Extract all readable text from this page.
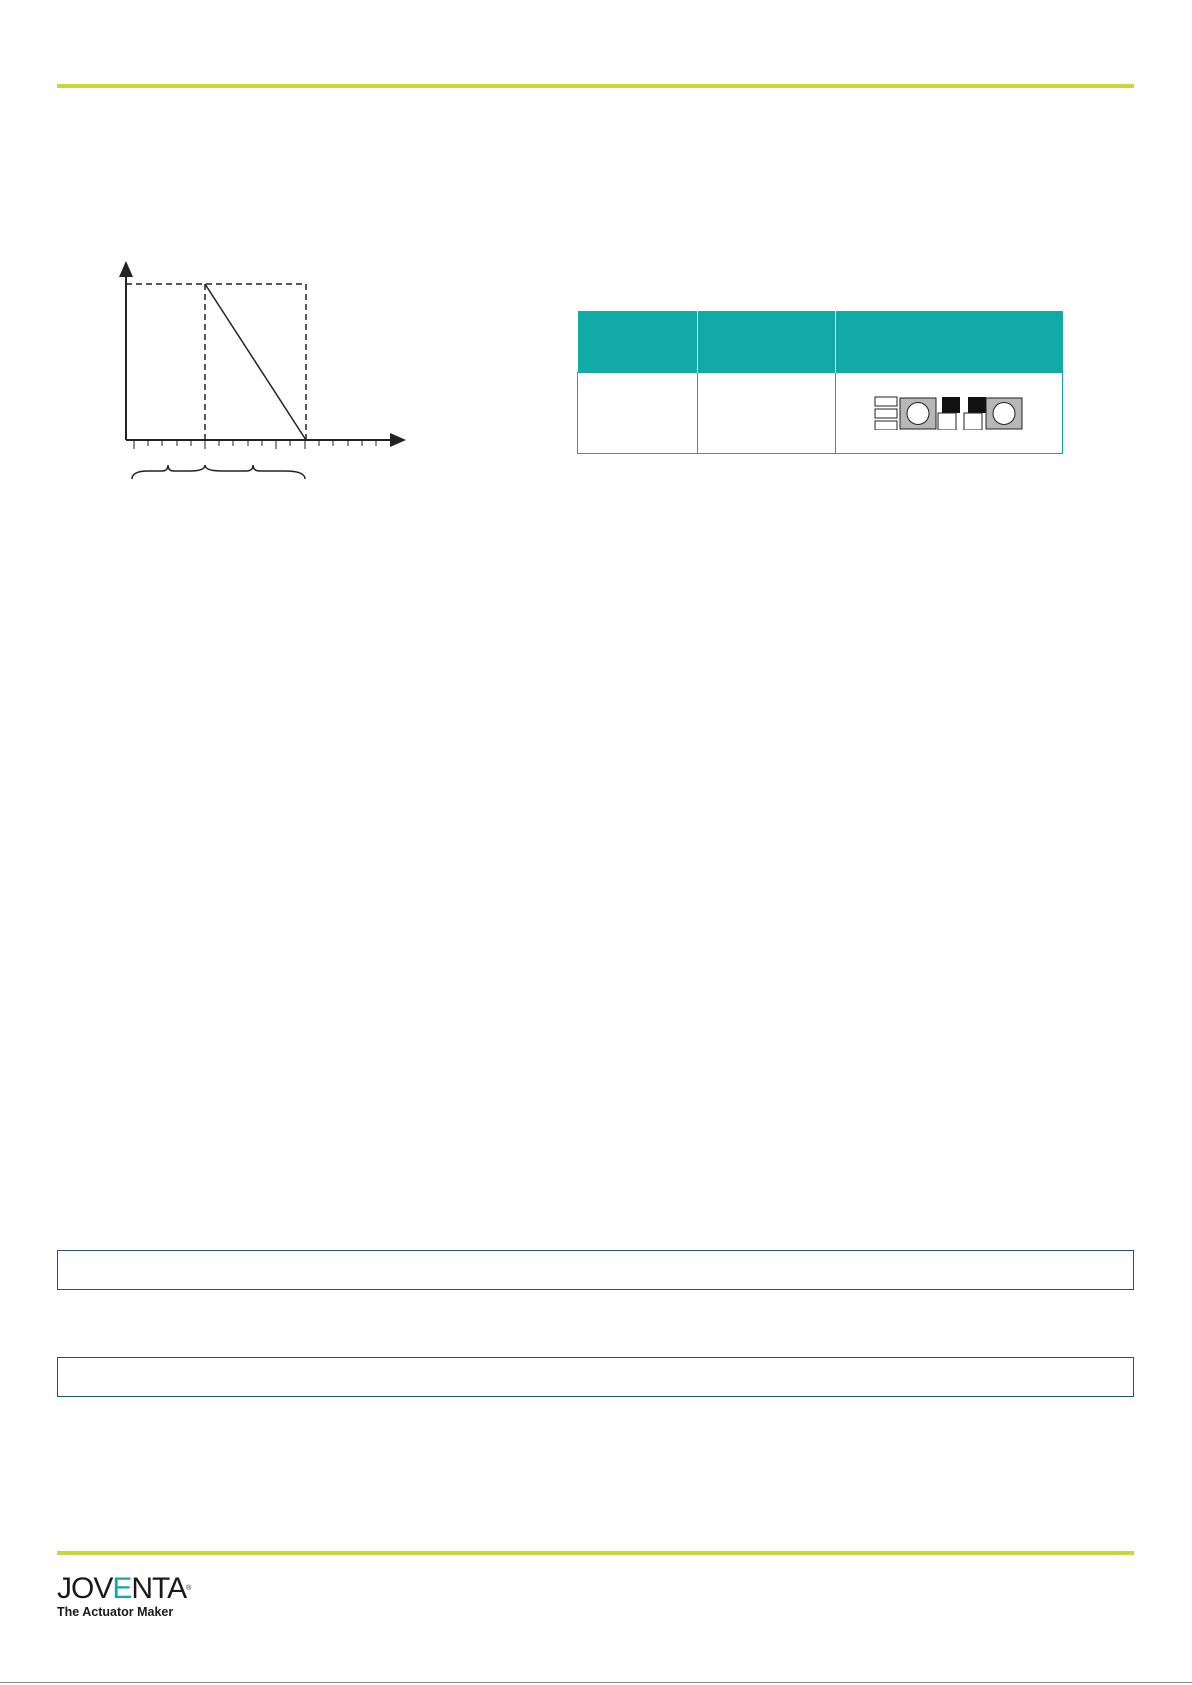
JOVENTA®
The Actuator Maker
